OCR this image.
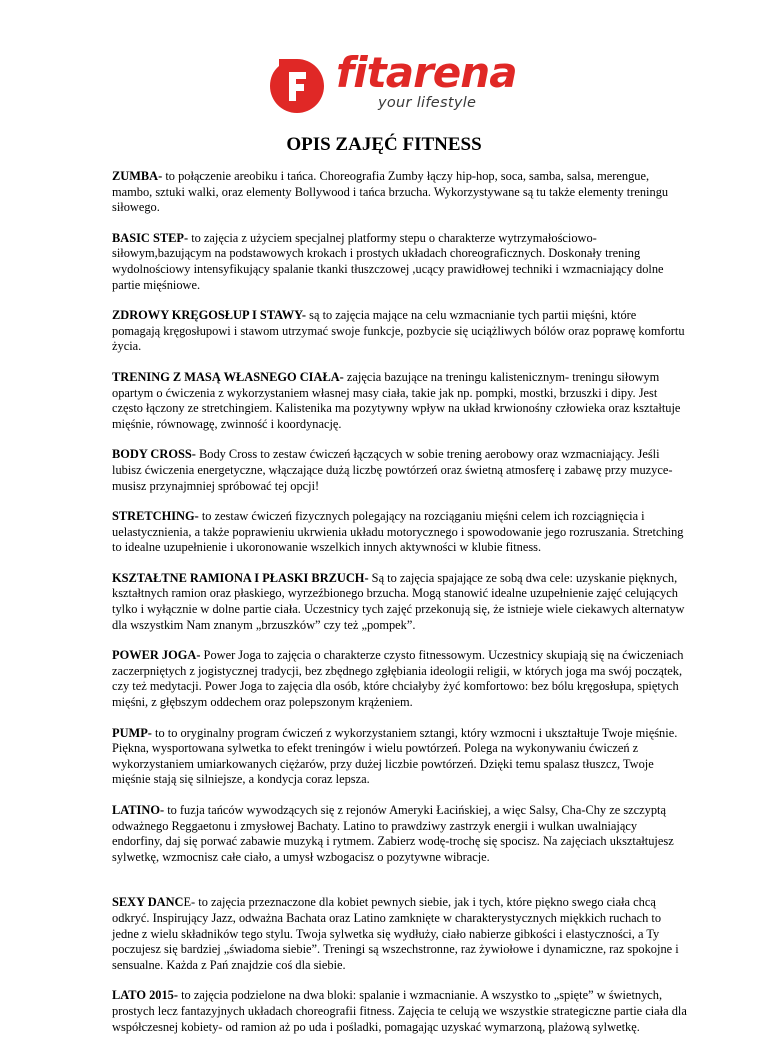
fitarena
your lifestyle
OPIS ZAJĘĆ FITNESS

ZUMBA- to połączenie areobiku i tańca. Choreografia Zumby łączy hip-hop, soca, samba, salsa, merengue, mambo, sztuki walki, oraz elementy Bollywood i tańca brzucha. Wykorzystywane są tu także elementy treningu siłowego.

BASIC STEP- to zajęcia z użyciem specjalnej platformy stepu o charakterze wytrzymałościowo-siłowym,bazującym na podstawowych krokach i prostych układach choreograficznych. Doskonały trening wydolnościowy intensyfikujący spalanie tkanki tłuszczowej ,ucący prawidłowej techniki i wzmacniający dolne partie mięśniowe.

ZDROWY KRĘGOSŁUP I STAWY- są to zajęcia mające na celu wzmacnianie tych partii mięśni, które pomagają kręgosłupowi i stawom utrzymać swoje funkcje, pozbycie się uciążliwych bólów oraz poprawę komfortu życia.

TRENING Z MASĄ WŁASNEGO CIAŁA- zajęcia bazujące na treningu kalistenicznym- treningu siłowym opartym o ćwiczenia z wykorzystaniem własnej masy ciała, takie jak np. pompki, mostki, brzuszki i dipy. Jest często łączony ze stretchingiem. Kalistenika ma pozytywny wpływ na układ krwionośny człowieka oraz kształtuje mięśnie, równowagę, zwinność i koordynację.

BODY CROSS- Body Cross to zestaw ćwiczeń łączących w sobie trening aerobowy oraz wzmacniający. Jeśli lubisz ćwiczenia energetyczne, włączające dużą liczbę powtórzeń oraz świetną atmosferę i zabawę przy muzyce- musisz przynajmniej spróbować tej opcji!

STRETCHING- to zestaw ćwiczeń fizycznych polegający na rozciąganiu mięśni celem ich rozciągnięcia i uelastycznienia, a także poprawieniu ukrwienia układu motorycznego i spowodowanie jego rozruszania. Stretching to idealne uzupełnienie i ukoronowanie wszelkich innych aktywności w klubie fitness.

KSZTAŁTNE RAMIONA I PŁASKI BRZUCH- Są to zajęcia spajające ze sobą dwa cele: uzyskanie pięknych, kształtnych ramion oraz płaskiego, wyrzeźbionego brzucha. Mogą stanowić idealne uzupełnienie zajęć celujących tylko i wyłącznie w dolne partie ciała. Uczestnicy tych zajęć przekonują się, że istnieje wiele ciekawych alternatyw dla wszystkim Nam znanym „brzuszków” czy też „pompek”.

POWER JOGA- Power Joga to zajęcia o charakterze czysto fitnessowym. Uczestnicy skupiają się na ćwiczeniach zaczerpniętych z jogistycznej tradycji, bez zbędnego zgłębiania ideologii religii, w których joga ma swój początek, czy też medytacji. Power Joga to zajęcia dla osób, które chciałyby żyć komfortowo: bez bólu kręgosłupa, spiętych mięśni, z głębszym oddechem oraz polepszonym krążeniem.

PUMP- to to oryginalny program ćwiczeń z wykorzystaniem sztangi, który wzmocni i ukształtuje Twoje mięśnie. Piękna, wysportowana sylwetka to efekt treningów i wielu powtórzeń. Polega na wykonywaniu ćwiczeń z wykorzystaniem umiarkowanych ciężarów, przy dużej liczbie powtórzeń. Dzięki temu spalasz tłuszcz, Twoje mięśnie stają się silniejsze, a kondycja coraz lepsza.

LATINO- to fuzja tańców wywodzących się z rejonów Ameryki Łacińskiej, a więc Salsy, Cha-Chy ze szczyptą odważnego Reggaetonu i zmysłowej Bachaty. Latino to prawdziwy zastrzyk energii i wulkan uwalniający endorfiny, daj się porwać zabawie muzyką i rytmem. Zabierz wodę-trochę się spocisz. Na zajęciach ukształtujesz sylwetkę, wzmocnisz całe ciało, a umysł wzbogacisz o pozytywne wibracje.

SEXY DANCE- to zajęcia przeznaczone dla kobiet pewnych siebie, jak i tych, które piękno swego ciała chcą odkryć. Inspirujący Jazz, odważna Bachata oraz Latino zamknięte w charakterystycznych miękkich ruchach to jedne z wielu składników tego stylu. Twoja sylwetka się wydłuży, ciało nabierze gibkości i elastyczności, a Ty poczujesz się bardziej „świadoma siebie”. Treningi są wszechstronne, raz żywiołowe i dynamiczne, raz spokojne i sensualne. Każda z Pań znajdzie coś dla siebie.

LATO 2015- to zajęcia podzielone na dwa bloki: spalanie i wzmacnianie. A wszystko to „spięte” w świetnych, prostych lecz fantazyjnych układach choreografii fitness. Zajęcia te celują we wszystkie strategiczne partie ciała dla współczesnej kobiety- od ramion aż po uda i pośladki, pomagając uzyskać wymarzoną, plażową sylwetkę.
